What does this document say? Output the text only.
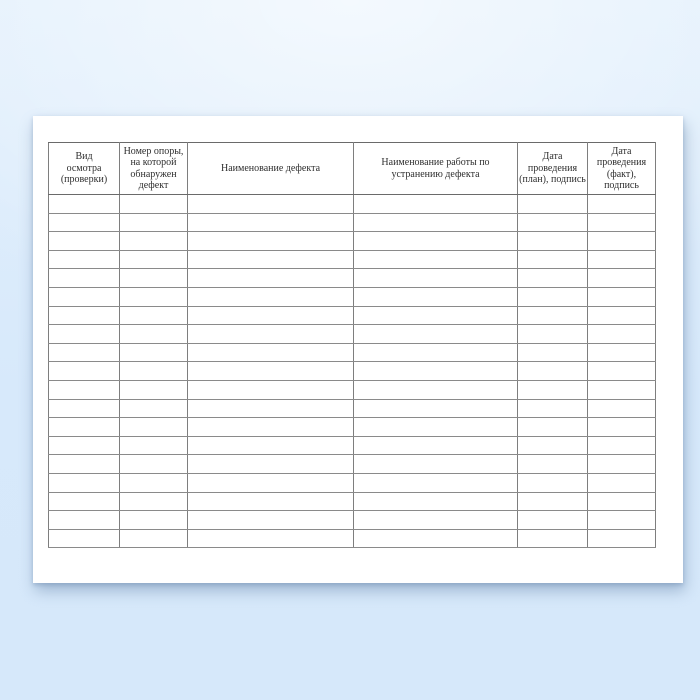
Вид осмотра (проверки)	Номер опоры, на которой обнаружен дефект	Наименование дефекта	Наименование работы по устранению дефекта	Дата проведения (план), подпись	Дата проведения (факт), подпись
